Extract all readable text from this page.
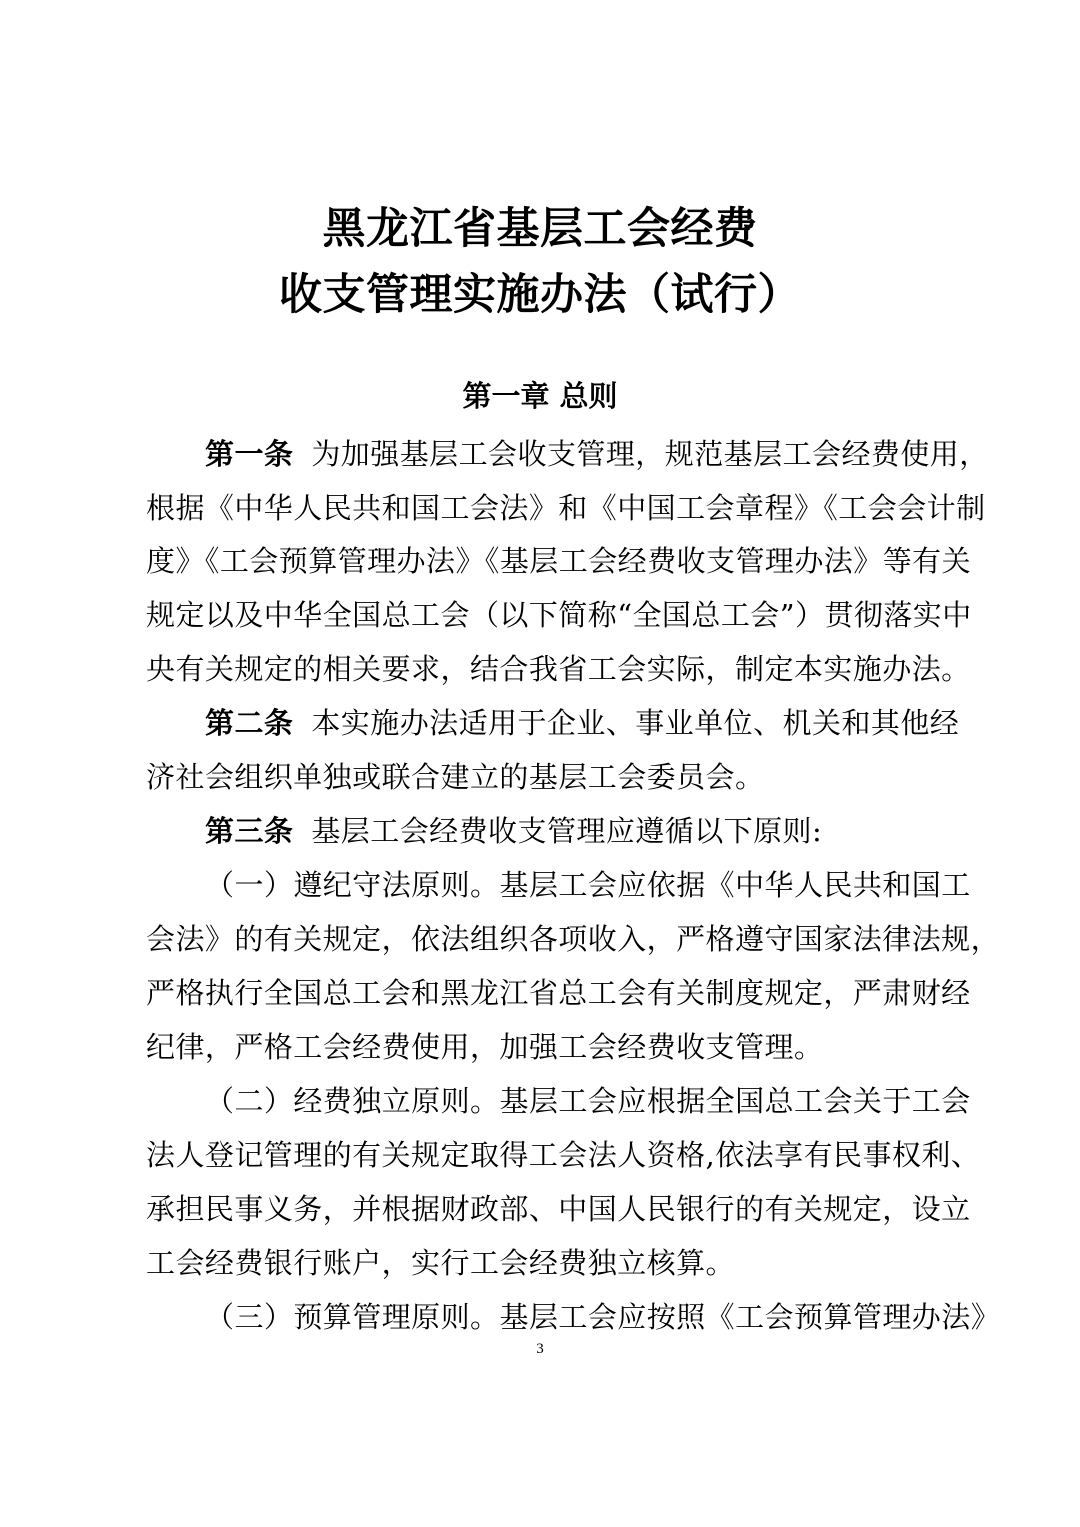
黑龙江省基层工会经费
收支管理实施办法（试行）
第一章 总则
第一条 为加强基层工会收支管理，规范基层工会经费使用，
根据《中华人民共和国工会法》和《中国工会章程》《工会会计制
度》《工会预算管理办法》《基层工会经费收支管理办法》等有关
规定以及中华全国总工会（以下简称“全国总工会”）贯彻落实中
央有关规定的相关要求，结合我省工会实际，制定本实施办法。
第二条 本实施办法适用于企业、事业单位、机关和其他经
济社会组织单独或联合建立的基层工会委员会。
第三条 基层工会经费收支管理应遵循以下原则:
（一）遵纪守法原则。基层工会应依据《中华人民共和国工
会法》的有关规定，依法组织各项收入，严格遵守国家法律法规，
严格执行全国总工会和黑龙江省总工会有关制度规定，严肃财经
纪律，严格工会经费使用，加强工会经费收支管理。
（二）经费独立原则。基层工会应根据全国总工会关于工会
法人登记管理的有关规定取得工会法人资格,依法享有民事权利、
承担民事义务，并根据财政部、中国人民银行的有关规定，设立
工会经费银行账户，实行工会经费独立核算。
（三）预算管理原则。基层工会应按照《工会预算管理办法》
3
